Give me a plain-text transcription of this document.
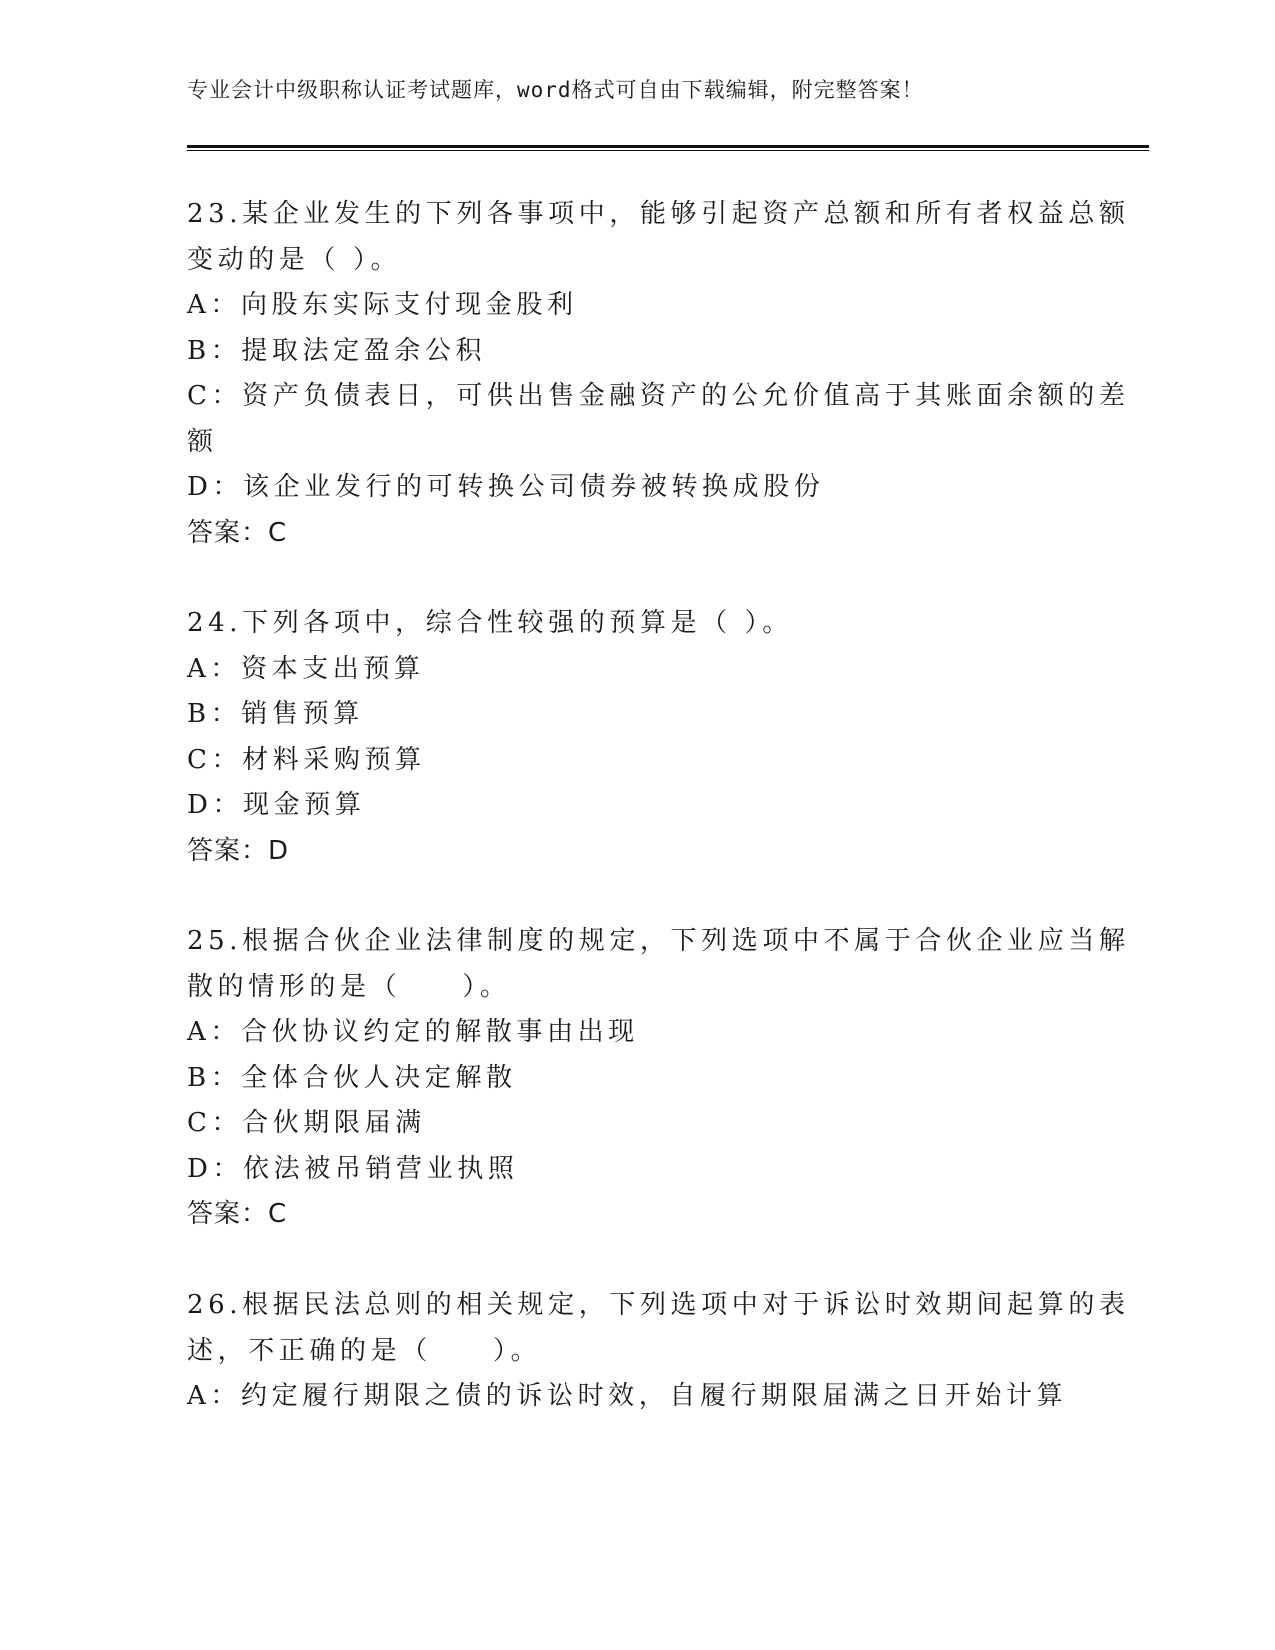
专业会计中级职称认证考试题库，word格式可自由下载编辑，附完整答案！
23.某企业发生的下列各事项中，能够引起资产总额和所有者权益总额
变动的是（ ）。
A：向股东实际支付现金股利
B：提取法定盈余公积
C：资产负债表日，可供出售金融资产的公允价值高于其账面余额的差
额
D：该企业发行的可转换公司债券被转换成股份
答案：C
24.下列各项中，综合性较强的预算是（ ）。
A：资本支出预算
B：销售预算
C：材料采购预算
D：现金预算
答案：D
25.根据合伙企业法律制度的规定，下列选项中不属于合伙企业应当解
散的情形的是（　　）。
A：合伙协议约定的解散事由出现
B：全体合伙人决定解散
C：合伙期限届满
D：依法被吊销营业执照
答案：C
26.根据民法总则的相关规定，下列选项中对于诉讼时效期间起算的表
述，不正确的是（　　）。
A：约定履行期限之债的诉讼时效，自履行期限届满之日开始计算
